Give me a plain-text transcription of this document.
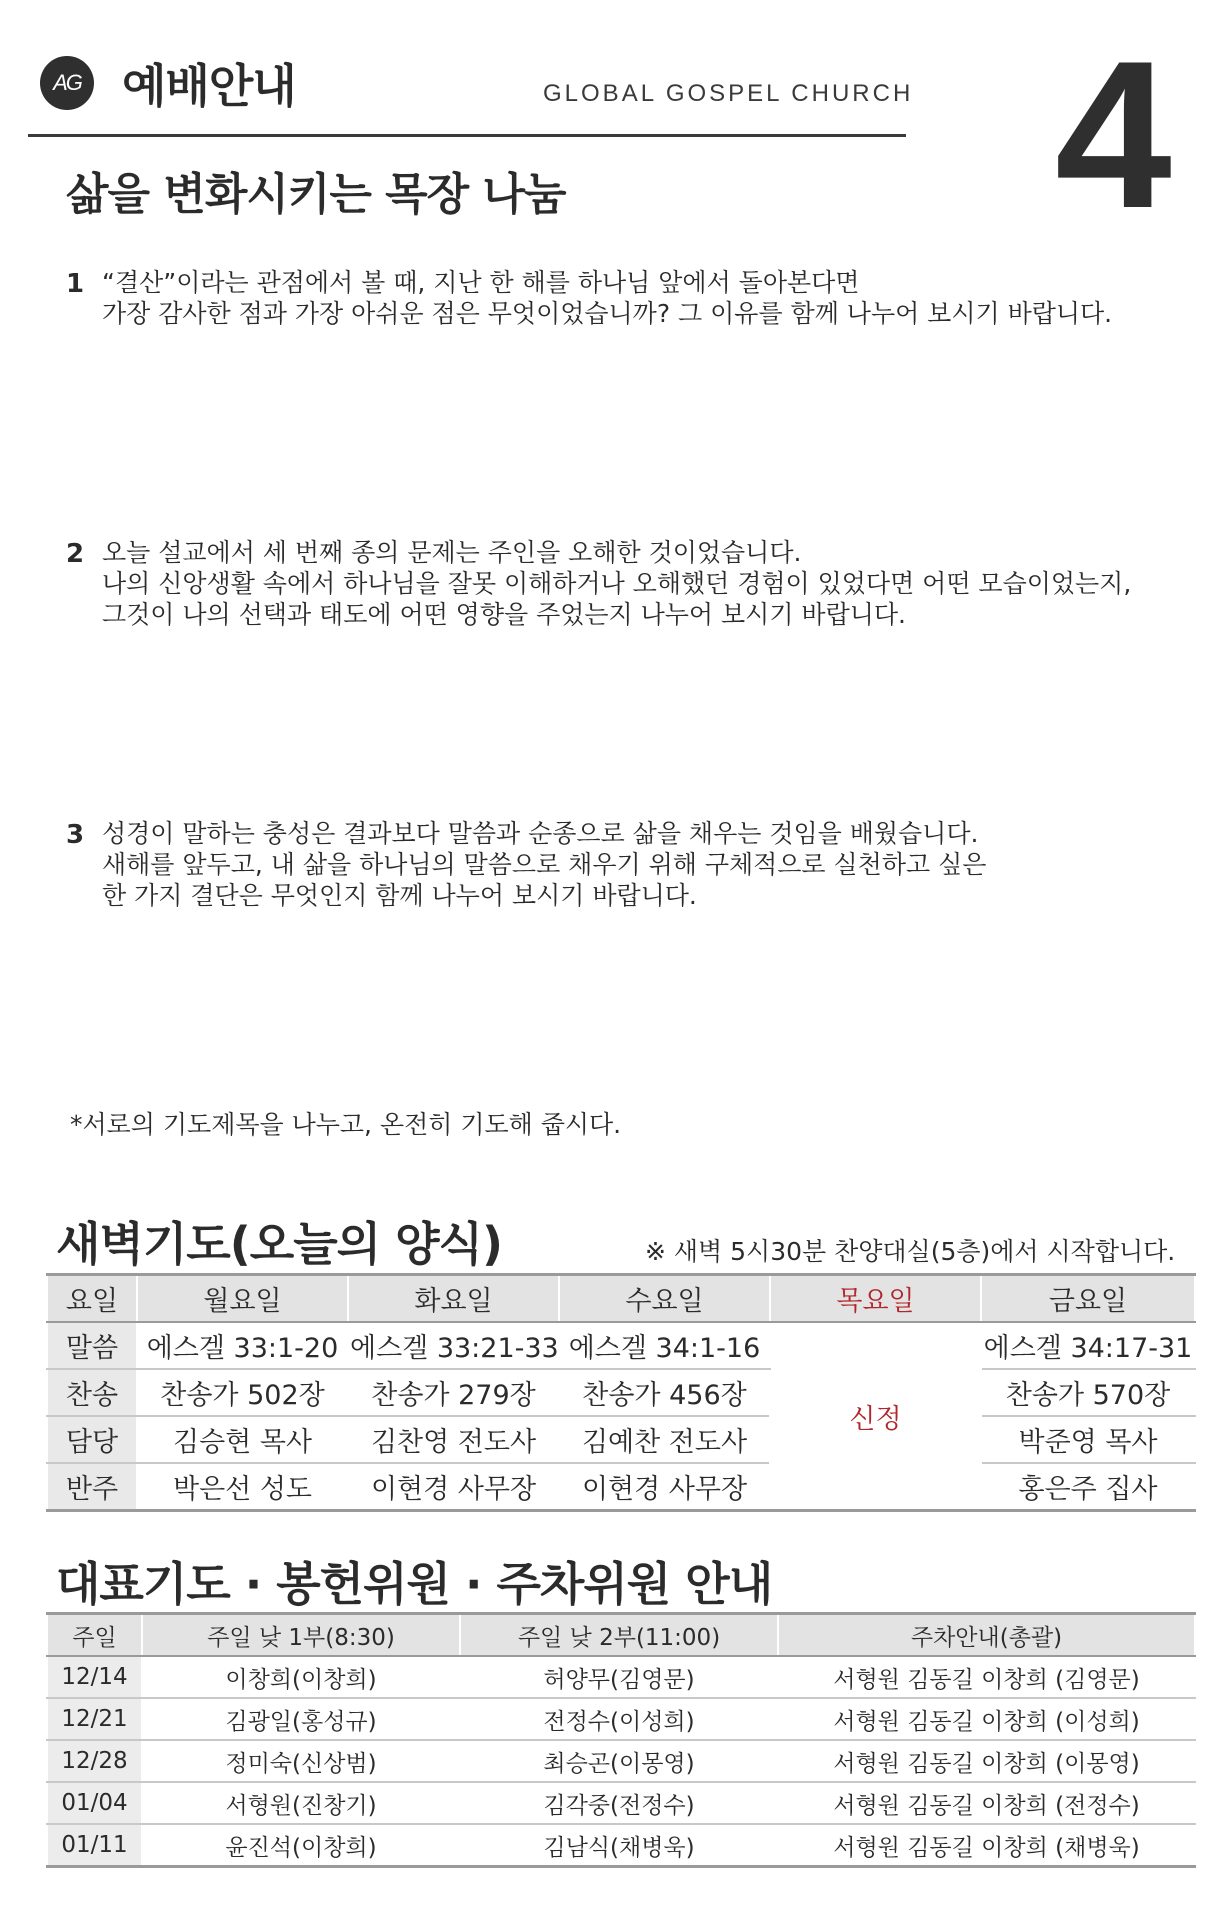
AG 예배안내	GLOBAL GOSPEL CHURCH 4
삶을 변화시키는 목장 나눔
1 “결산”이라는 관점에서 볼 때, 지난 한 해를 하나님 앞에서 돌아본다면
가장 감사한 점과 가장 아쉬운 점은 무엇이었습니까? 그 이유를 함께 나누어 보시기 바랍니다.
2 오늘 설교에서 세 번째 종의 문제는 주인을 오해한 것이었습니다.
나의 신앙생활 속에서 하나님을 잘못 이해하거나 오해했던 경험이 있었다면 어떤 모습이었는지,
그것이 나의 선택과 태도에 어떤 영향을 주었는지 나누어 보시기 바랍니다.
3 성경이 말하는 충성은 결과보다 말씀과 순종으로 삶을 채우는 것임을 배웠습니다.
새해를 앞두고, 내 삶을 하나님의 말씀으로 채우기 위해 구체적으로 실천하고 싶은
한 가지 결단은 무엇인지 함께 나누어 보시기 바랍니다.
*서로의 기도제목을 나누고, 온전히 기도해 줍시다.
새벽기도(오늘의 양식)	※ 새벽 5시30분 찬양대실(5층)에서 시작합니다.
요일	월요일	화요일	수요일	목요일	금요일
말씀	에스겔 33:1-20	에스겔 33:21-33	에스겔 34:1-16	신정	에스겔 34:17-31
찬송	찬송가 502장	찬송가 279장	찬송가 456장		찬송가 570장
담당	김승현 목사	김찬영 전도사	김예찬 전도사		박준영 목사
반주	박은선 성도	이현경 사무장	이현경 사무장		홍은주 집사
대표기도 · 봉헌위원 · 주차위원 안내
주일	주일 낮 1부(8:30)	주일 낮 2부(11:00)	주차안내(총괄)
12/14	이창희(이창희)	허양무(김영문)	서형원 김동길 이창희 (김영문)
12/21	김광일(홍성규)	전정수(이성희)	서형원 김동길 이창희 (이성희)
12/28	정미숙(신상범)	최승곤(이몽영)	서형원 김동길 이창희 (이몽영)
01/04	서형원(진창기)	김각중(전정수)	서형원 김동길 이창희 (전정수)
01/11	윤진석(이창희)	김남식(채병욱)	서형원 김동길 이창희 (채병욱)
